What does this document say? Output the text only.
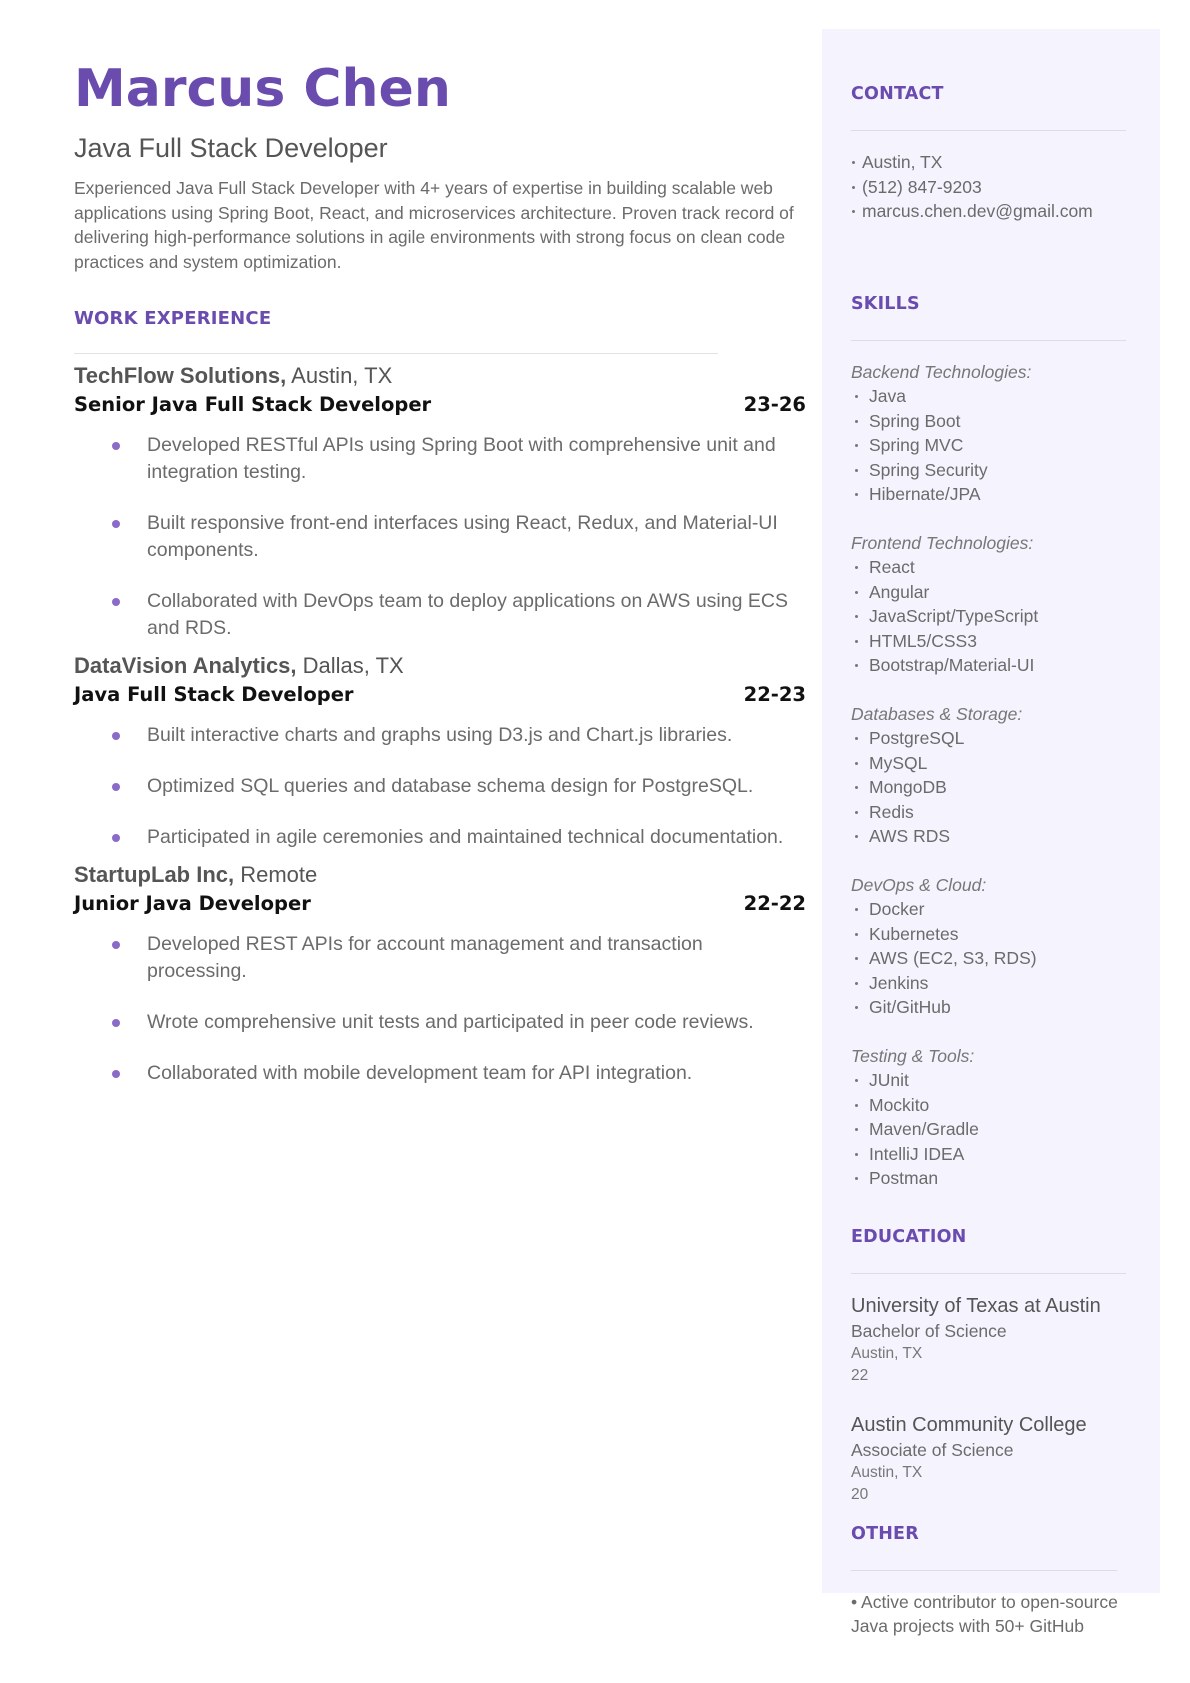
Marcus Chen
Java Full Stack Developer
Experienced Java Full Stack Developer with 4+ years of expertise in building scalable web applications using Spring Boot, React, and microservices architecture. Proven track record of delivering high-performance solutions in agile environments with strong focus on clean code practices and system optimization.
WORK EXPERIENCE
TechFlow Solutions, Austin, TX
Senior Java Full Stack Developer	23-26
Developed RESTful APIs using Spring Boot with comprehensive unit and integration testing.
Built responsive front-end interfaces using React, Redux, and Material-UI components.
Collaborated with DevOps team to deploy applications on AWS using ECS and RDS.
DataVision Analytics, Dallas, TX
Java Full Stack Developer	22-23
Built interactive charts and graphs using D3.js and Chart.js libraries.
Optimized SQL queries and database schema design for PostgreSQL.
Participated in agile ceremonies and maintained technical documentation.
StartupLab Inc, Remote
Junior Java Developer	22-22
Developed REST APIs for account management and transaction processing.
Wrote comprehensive unit tests and participated in peer code reviews.
Collaborated with mobile development team for API integration.
CONTACT
Austin, TX
(512) 847-9203
marcus.chen.dev@gmail.com
SKILLS
Backend Technologies:
Java
Spring Boot
Spring MVC
Spring Security
Hibernate/JPA
Frontend Technologies:
React
Angular
JavaScript/TypeScript
HTML5/CSS3
Bootstrap/Material-UI
Databases & Storage:
PostgreSQL
MySQL
MongoDB
Redis
AWS RDS
DevOps & Cloud:
Docker
Kubernetes
AWS (EC2, S3, RDS)
Jenkins
Git/GitHub
Testing & Tools:
JUnit
Mockito
Maven/Gradle
IntelliJ IDEA
Postman
EDUCATION
University of Texas at Austin
Bachelor of Science
Austin, TX
22
Austin Community College
Associate of Science
Austin, TX
20
OTHER
• Active contributor to open-source Java projects with 50+ GitHub
